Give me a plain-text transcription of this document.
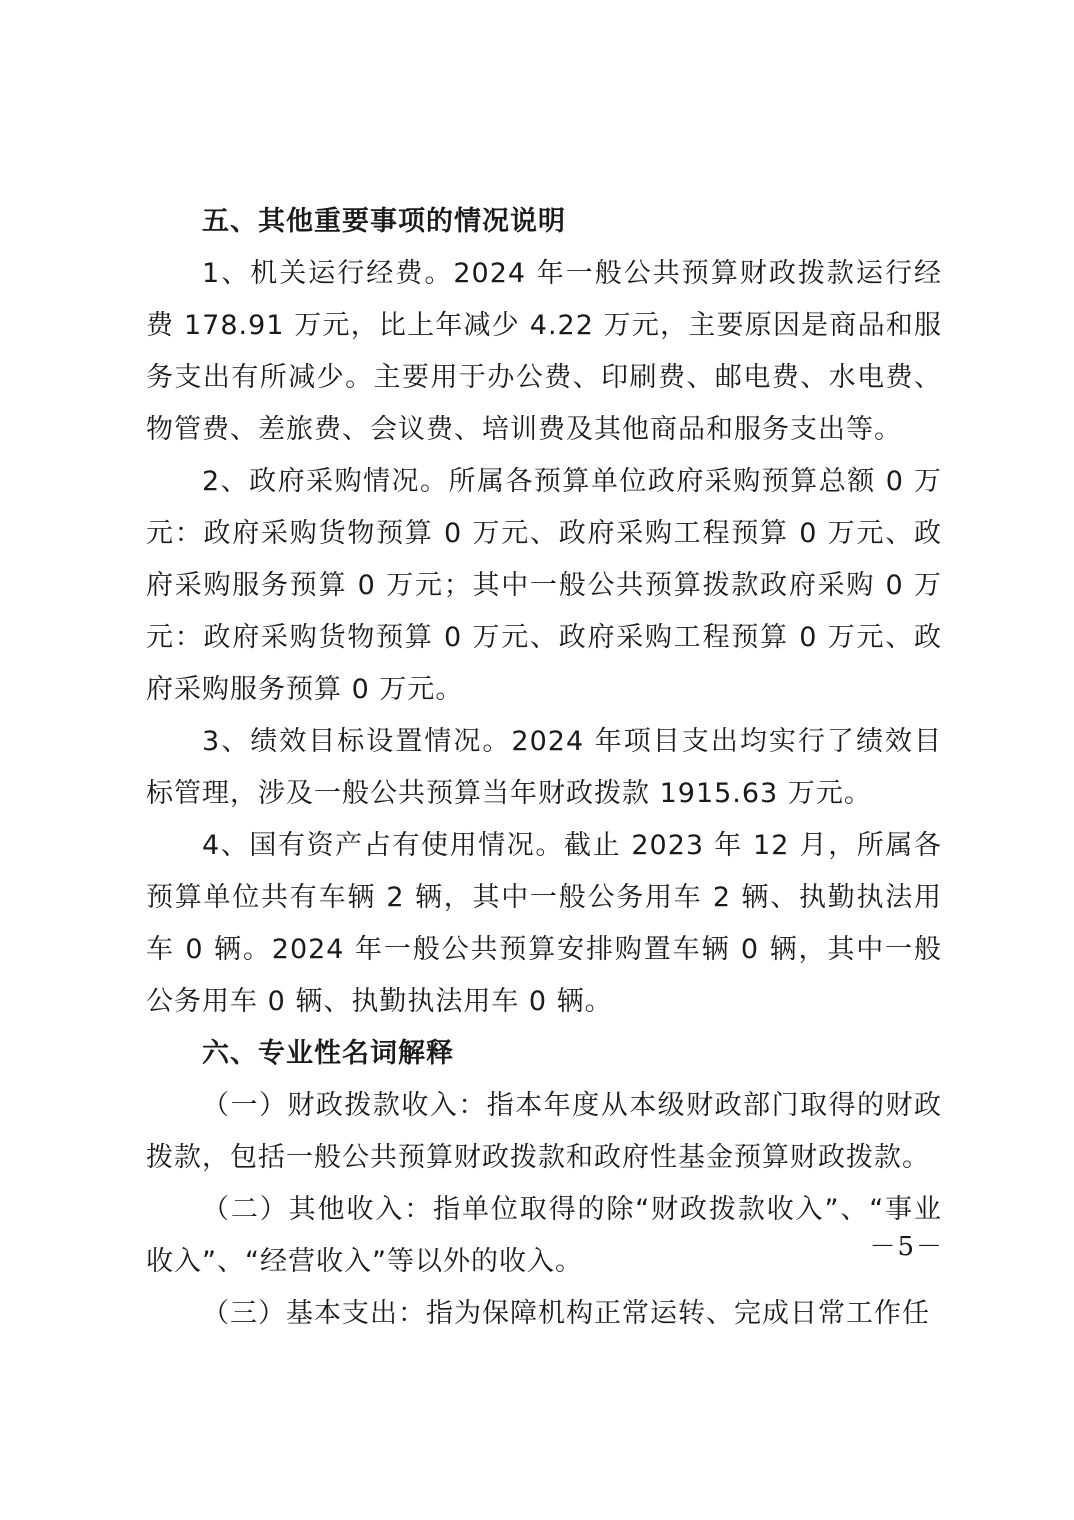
五、其他重要事项的情况说明

1、机关运行经费。2024 年一般公共预算财政拨款运行经费 178.91 万元，比上年减少 4.22 万元，主要原因是商品和服务支出有所减少。主要用于办公费、印刷费、邮电费、水电费、物管费、差旅费、会议费、培训费及其他商品和服务支出等。

2、政府采购情况。所属各预算单位政府采购预算总额 0 万元：政府采购货物预算 0 万元、政府采购工程预算 0 万元、政府采购服务预算 0 万元；其中一般公共预算拨款政府采购 0 万元：政府采购货物预算 0 万元、政府采购工程预算 0 万元、政府采购服务预算 0 万元。

3、绩效目标设置情况。2024 年项目支出均实行了绩效目标管理，涉及一般公共预算当年财政拨款 1915.63 万元。

4、国有资产占有使用情况。截止 2023 年 12 月，所属各预算单位共有车辆 2 辆，其中一般公务用车 2 辆、执勤执法用车 0 辆。2024 年一般公共预算安排购置车辆 0 辆，其中一般公务用车 0 辆、执勤执法用车 0 辆。

六、专业性名词解释

（一）财政拨款收入：指本年度从本级财政部门取得的财政拨款，包括一般公共预算财政拨款和政府性基金预算财政拨款。

（二）其他收入：指单位取得的除“财政拨款收入”、“事业收入”、“经营收入”等以外的收入。

（三）基本支出：指为保障机构正常运转、完成日常工作任

－5－
